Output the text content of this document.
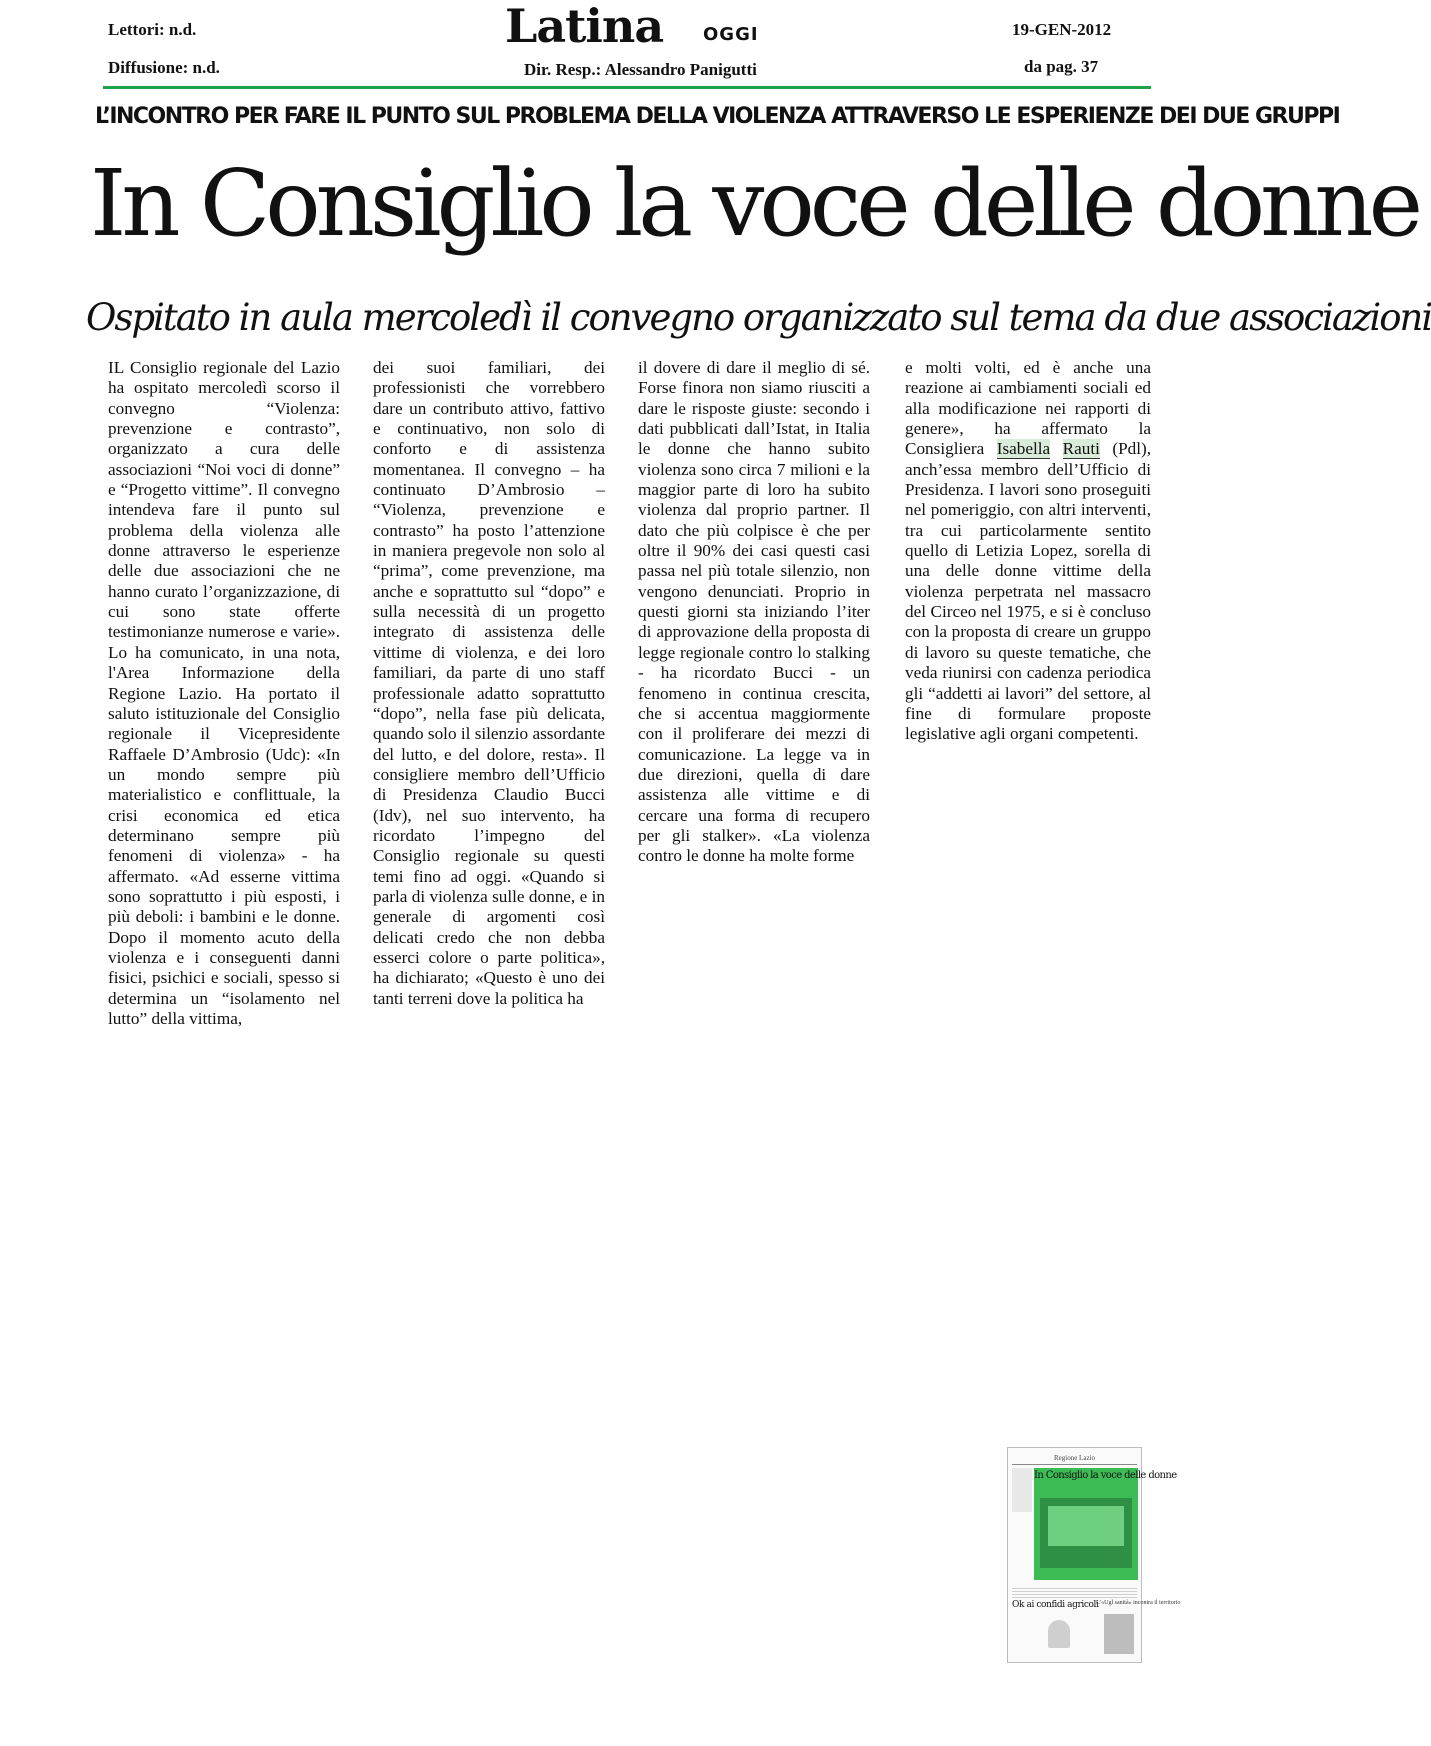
Lettori: n.d.
Diffusione: n.d.
Latina OGGI
Dir. Resp.: Alessandro Panigutti
19-GEN-2012
da pag. 37
L’INCONTRO PER FARE IL PUNTO SUL PROBLEMA DELLA VIOLENZA ATTRAVERSO LE ESPERIENZE DEI DUE GRUPPI
In Consiglio la voce delle donne
Ospitato in aula mercoledì il convegno organizzato sul tema da due associazioni

IL Consiglio regionale del Lazio ha ospitato mercoledì scorso il convegno “Violenza: prevenzione e contrasto”, organizzato a cura delle associazioni “Noi voci di donne” e “Progetto vittime”. Il convegno intendeva fare il punto sul problema della violenza alle donne attraverso le esperienze delle due associazioni che ne hanno curato l’organizzazione, di cui sono state offerte testimonianze numerose e varie». Lo ha comunicato, in una nota, l'Area Informazione della Regione Lazio. Ha portato il saluto istituzionale del Consiglio regionale il Vicepresidente Raffaele D’Ambrosio (Udc): «In un mondo sempre più materialistico e conflittuale, la crisi economica ed etica determinano sempre più fenomeni di violenza» - ha affermato. «Ad esserne vittima sono soprattutto i più esposti, i più deboli: i bambini e le donne. Dopo il momento acuto della violenza e i conseguenti danni fisici, psichici e sociali, spesso si determina un “isolamento nel lutto” della vittima,

dei suoi familiari, dei professionisti che vorrebbero dare un contributo attivo, fattivo e continuativo, non solo di conforto e di assistenza momentanea. Il convegno – ha continuato D’Ambrosio – “Violenza, prevenzione e contrasto” ha posto l’attenzione in maniera pregevole non solo al “prima”, come prevenzione, ma anche e soprattutto sul “dopo” e sulla necessità di un progetto integrato di assistenza delle vittime di violenza, e dei loro familiari, da parte di uno staff professionale adatto soprattutto “dopo”, nella fase più delicata, quando solo il silenzio assordante del lutto, e del dolore, resta». Il consigliere membro dell’Ufficio di Presidenza Claudio Bucci (Idv), nel suo intervento, ha ricordato l’impegno del Consiglio regionale su questi temi fino ad oggi. «Quando si parla di violenza sulle donne, e in generale di argomenti così delicati credo che non debba esserci colore o parte politica», ha dichiarato; «Questo è uno dei tanti terreni dove la politica ha

il dovere di dare il meglio di sé. Forse finora non siamo riusciti a dare le risposte giuste: secondo i dati pubblicati dall’Istat, in Italia le donne che hanno subito violenza sono circa 7 milioni e la maggior parte di loro ha subito violenza dal proprio partner. Il dato che più colpisce è che per oltre il 90% dei casi questi casi passa nel più totale silenzio, non vengono denunciati. Proprio in questi giorni sta iniziando l’iter di approvazione della proposta di legge regionale contro lo stalking - ha ricordato Bucci - un fenomeno in continua crescita, che si accentua maggiormente con il proliferare dei mezzi di comunicazione. La legge va in due direzioni, quella di dare assistenza alle vittime e di cercare una forma di recupero per gli stalker». «La violenza contro le donne ha molte forme

e molti volti, ed è anche una reazione ai cambiamenti sociali ed alla modificazione nei rapporti di genere», ha affermato la Consigliera Isabella Rauti (Pdl), anch’essa membro dell’Ufficio di Presidenza. I lavori sono proseguiti nel pomeriggio, con altri interventi, tra cui particolarmente sentito quello di Letizia Lopez, sorella di una delle donne vittime della violenza perpetrata nel massacro del Circeo nel 1975, e si è concluso con la proposta di creare un gruppo di lavoro su queste tematiche, che veda riunirsi con cadenza periodica gli “addetti ai lavori” del settore, al fine di formulare proposte legislative agli organi competenti.

Regione Lazio
In Consiglio la voce delle donne
Ok ai confidi agricoli
L’«Ugl sanità» incontra il territorio
